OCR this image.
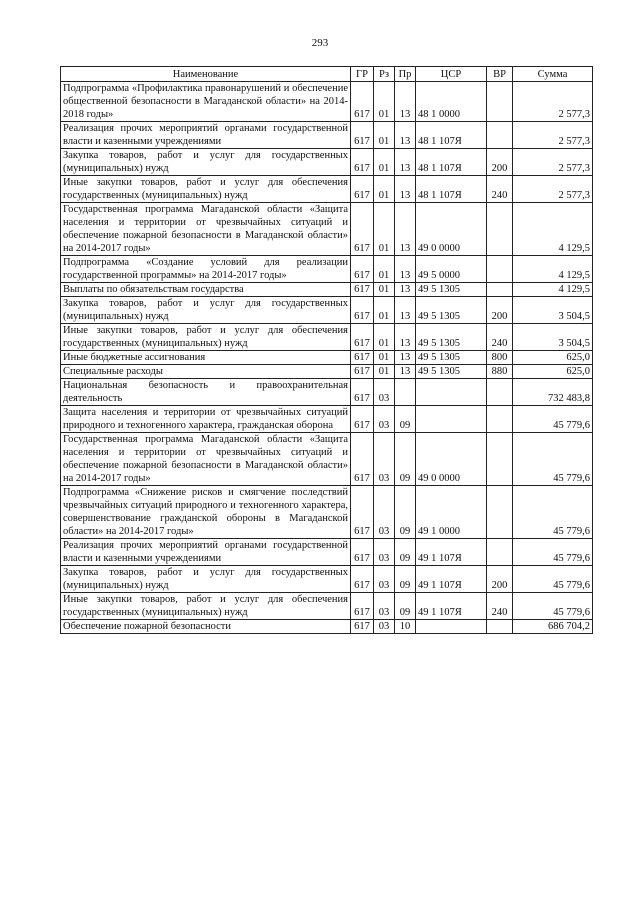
293
Наименование	ГР	Рз	Пр	ЦСР	ВР	Сумма
Подпрограмма «Профилактика правонарушений и обеспечение общественной безопасности в Магаданской области» на 2014-2018 годы»	617	01	13	48 1 0000		2 577,3
Реализация прочих мероприятий органами государственной власти и казенными учреждениями	617	01	13	48 1 107Я		2 577,3
Закупка товаров, работ и услуг для государственных (муниципальных) нужд	617	01	13	48 1 107Я	200	2 577,3
Иные закупки товаров, работ и услуг для обеспечения государственных (муниципальных) нужд	617	01	13	48 1 107Я	240	2 577,3
Государственная программа Магаданской области «Защита населения и территории от чрезвычайных ситуаций и обеспечение пожарной безопасности в Магаданской области» на 2014-2017 годы»	617	01	13	49 0 0000		4 129,5
Подпрограмма «Создание условий для реализации государственной программы» на 2014-2017 годы»	617	01	13	49 5 0000		4 129,5
Выплаты по обязательствам государства	617	01	13	49 5 1305		4 129,5
Закупка товаров, работ и услуг для государственных (муниципальных) нужд	617	01	13	49 5 1305	200	3 504,5
Иные закупки товаров, работ и услуг для обеспечения государственных (муниципальных) нужд	617	01	13	49 5 1305	240	3 504,5
Иные бюджетные ассигнования	617	01	13	49 5 1305	800	625,0
Специальные расходы	617	01	13	49 5 1305	880	625,0
Национальная безопасность и правоохранительная деятельность	617	03				732 483,8
Защита населения и территории от чрезвычайных ситуаций природного и техногенного характера, гражданская оборона	617	03	09			45 779,6
Государственная программа Магаданской области «Защита населения и территории от чрезвычайных ситуаций и обеспечение пожарной безопасности в Магаданской области» на 2014-2017 годы»	617	03	09	49 0 0000		45 779,6
Подпрограмма «Снижение рисков и смягчение последствий чрезвычайных ситуаций природного и техногенного характера, совершенствование гражданской обороны в Магаданской области» на 2014-2017 годы»	617	03	09	49 1 0000		45 779,6
Реализация прочих мероприятий органами государственной власти и казенными учреждениями	617	03	09	49 1 107Я		45 779,6
Закупка товаров, работ и услуг для государственных (муниципальных) нужд	617	03	09	49 1 107Я	200	45 779,6
Иные закупки товаров, работ и услуг для обеспечения государственных (муниципальных) нужд	617	03	09	49 1 107Я	240	45 779,6
Обеспечение пожарной безопасности	617	03	10			686 704,2
